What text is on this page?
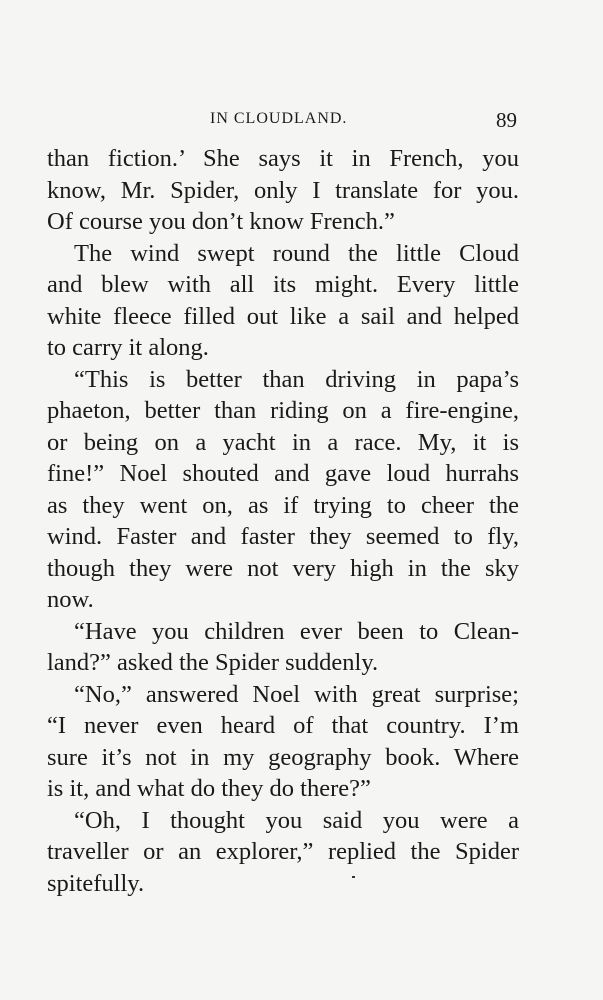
IN CLOUDLAND.	89
than fiction.’ She says it in French, you
know, Mr. Spider, only I translate for you.
Of course you don’t know French.”
The wind swept round the little Cloud
and blew with all its might. Every little
white fleece filled out like a sail and helped
to carry it along.
“This is better than driving in papa’s
phaeton, better than riding on a fire-engine,
or being on a yacht in a race. My, it is
fine!” Noel shouted and gave loud hurrahs
as they went on, as if trying to cheer the
wind. Faster and faster they seemed to fly,
though they were not very high in the sky
now.
“Have you children ever been to Clean-
land?” asked the Spider suddenly.
“No,” answered Noel with great surprise;
“I never even heard of that country. I’m
sure it’s not in my geography book. Where
is it, and what do they do there?”
“Oh, I thought you said you were a
traveller or an explorer,” replied the Spider
spitefully.
